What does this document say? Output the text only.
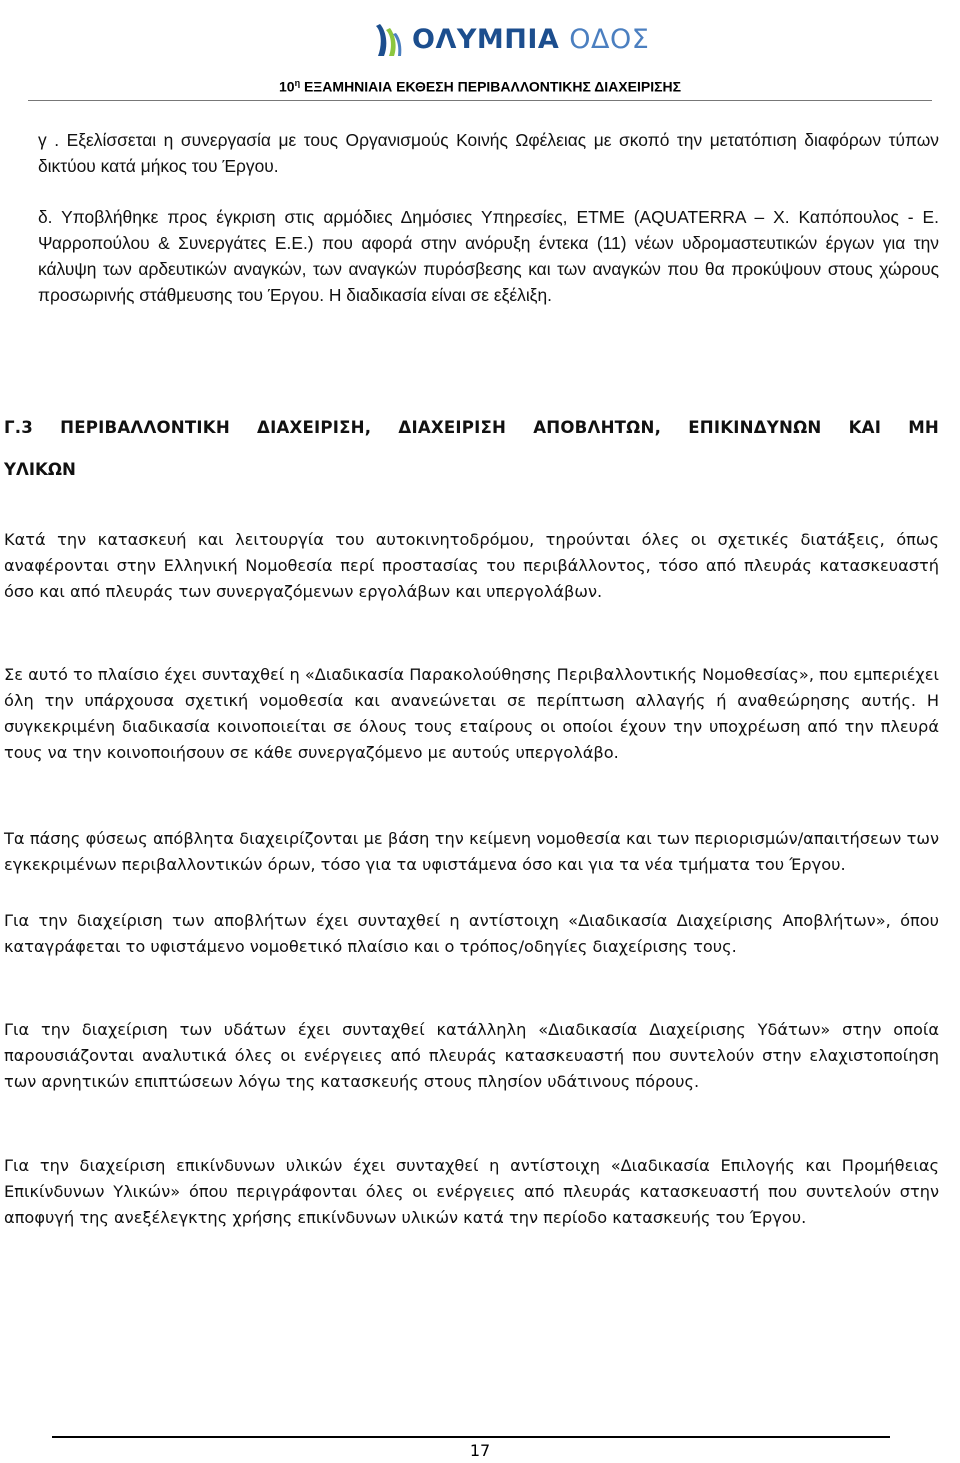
ΟΛΥΜΠΙΑ ΟΔΟΣ
$10^\eta$ ΕΞΑΜΗΝΙΑΙΑ ΕΚΘΕΣΗ ΠΕΡΙΒΑΛΛΟΝΤΙΚΗΣ ΔΙΑΧΕΙΡΙΣΗΣ
γ . Εξελίσσεται η συνεργασία με τους Οργανισμούς Κοινής Ωφέλειας με σκοπό την μετατόπιση διαφόρων τύπων δικτύου κατά μήκος του Έργου.
δ. Υποβλήθηκε προς έγκριση στις αρμόδιες Δημόσιες Υπηρεσίες, ΕΤΜΕ (AQUATERRA – Χ. Καπόπουλος - Ε. Ψαρροπούλου & Συνεργάτες Ε.Ε.) που αφορά στην ανόρυξη έντεκα (11) νέων υδρομαστευτικών έργων για την κάλυψη των αρδευτικών αναγκών, των αναγκών πυρόσβεσης και των αναγκών που θα προκύψουν στους χώρους προσωρινής στάθμευσης του Έργου. Η διαδικασία είναι σε εξέλιξη.
Γ.3 ΠΕΡΙΒΑΛΛΟΝΤΙΚΗ ΔΙΑΧΕΙΡΙΣΗ, ΔΙΑΧΕΙΡΙΣΗ ΑΠΟΒΛΗΤΩΝ, ΕΠΙΚΙΝΔΥΝΩΝ ΚΑΙ ΜΗ
ΥΛΙΚΩΝ
Κατά την κατασκευή και λειτουργία του αυτοκινητοδρόμου, τηρούνται όλες οι σχετικές διατάξεις, όπως αναφέρονται στην Ελληνική Νομοθεσία περί προστασίας του περιβάλλοντος, τόσο από πλευράς κατασκευαστή όσο και από πλευράς των συνεργαζόμενων εργολάβων και υπεργολάβων.
Σε αυτό το πλαίσιο έχει συνταχθεί η «Διαδικασία Παρακολούθησης Περιβαλλοντικής Νομοθεσίας», που εμπεριέχει όλη την υπάρχουσα σχετική νομοθεσία και ανανεώνεται σε περίπτωση αλλαγής ή αναθεώρησης αυτής. Η συγκεκριμένη διαδικασία κοινοποιείται σε όλους τους εταίρους οι οποίοι έχουν την υποχρέωση από την πλευρά τους να την κοινοποιήσουν σε κάθε συνεργαζόμενο με αυτούς υπεργολάβο.
Τα πάσης φύσεως απόβλητα διαχειρίζονται με βάση την κείμενη νομοθεσία και των περιορισμών/απαιτήσεων των εγκεκριμένων περιβαλλοντικών όρων, τόσο για τα υφιστάμενα όσο και για τα νέα τμήματα του Έργου.
Για την διαχείριση των αποβλήτων έχει συνταχθεί η αντίστοιχη «Διαδικασία Διαχείρισης Αποβλήτων», όπου καταγράφεται το υφιστάμενο νομοθετικό πλαίσιο και ο τρόπος/οδηγίες διαχείρισης τους.
Για την διαχείριση των υδάτων έχει συνταχθεί κατάλληλη «Διαδικασία Διαχείρισης Υδάτων» στην οποία παρουσιάζονται αναλυτικά όλες οι ενέργειες από πλευράς κατασκευαστή που συντελούν στην ελαχιστοποίηση των αρνητικών επιπτώσεων λόγω της κατασκευής στους πλησίον υδάτινους πόρους.
Για την διαχείριση επικίνδυνων υλικών έχει συνταχθεί η αντίστοιχη «Διαδικασία Επιλογής και Προμήθειας Επικίνδυνων Υλικών» όπου περιγράφονται όλες οι ενέργειες από πλευράς κατασκευαστή που συντελούν στην αποφυγή της ανεξέλεγκτης χρήσης επικίνδυνων υλικών κατά την περίοδο κατασκευής του Έργου.
17
